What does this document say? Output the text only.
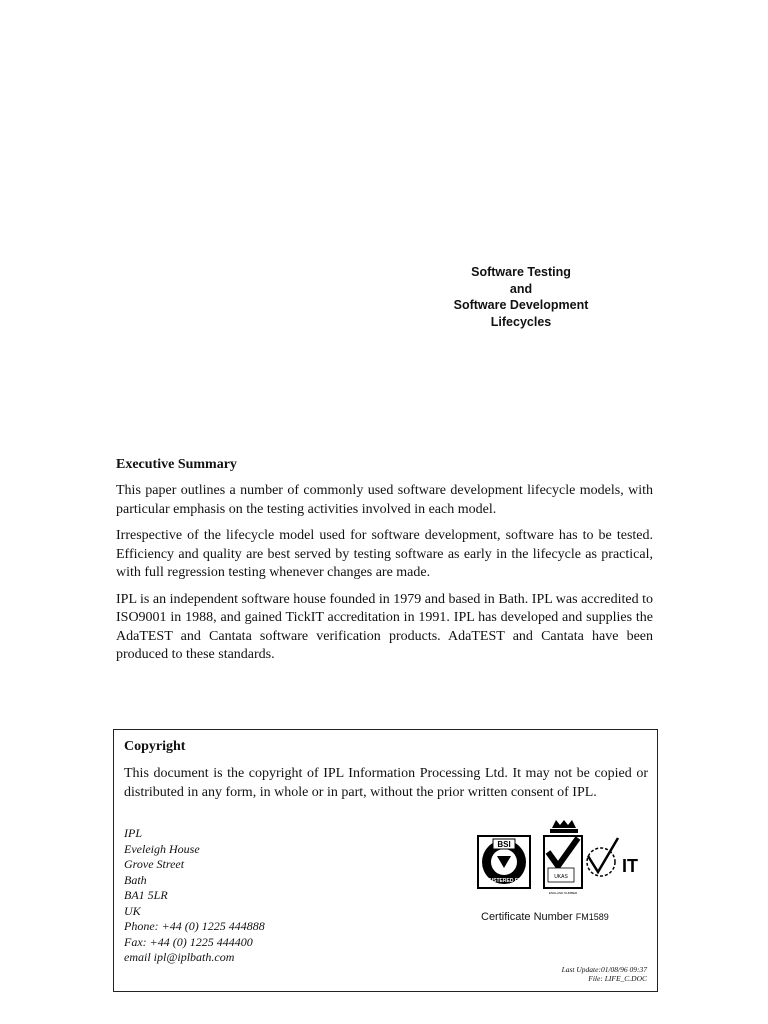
Software Testing
and
Software Development
Lifecycles
Executive Summary

This paper outlines a number of commonly used software development lifecycle models, with particular emphasis on the testing activities involved in each model.

Irrespective of the lifecycle model used for software development, software has to be tested. Efficiency and quality are best served by testing software as early in the lifecycle as practical, with full regression testing whenever changes are made.

IPL is an independent software house founded in 1979 and based in Bath. IPL was accredited to ISO9001 in 1988, and gained TickIT accreditation in 1991. IPL has developed and supplies the AdaTEST and Cantata software verification products. AdaTEST and Cantata have been produced to these standards.

Copyright

This document is the copyright of IPL Information Processing Ltd. It may not be copied or distributed in any form, in whole or in part, without the prior written consent of IPL.

IPL
Eveleigh House
Grove Street
Bath
BA1 5LR
UK
Phone: +44 (0) 1225 444888
Fax: +44 (0) 1225 444400
email ipl@iplbath.com
BSI
REGISTERED FIRM
UKAS
ENGLAND NUMBER
IT
Certificate Number FM1589
Last Update:01/08/96 09:37
File: LIFE_C.DOC
